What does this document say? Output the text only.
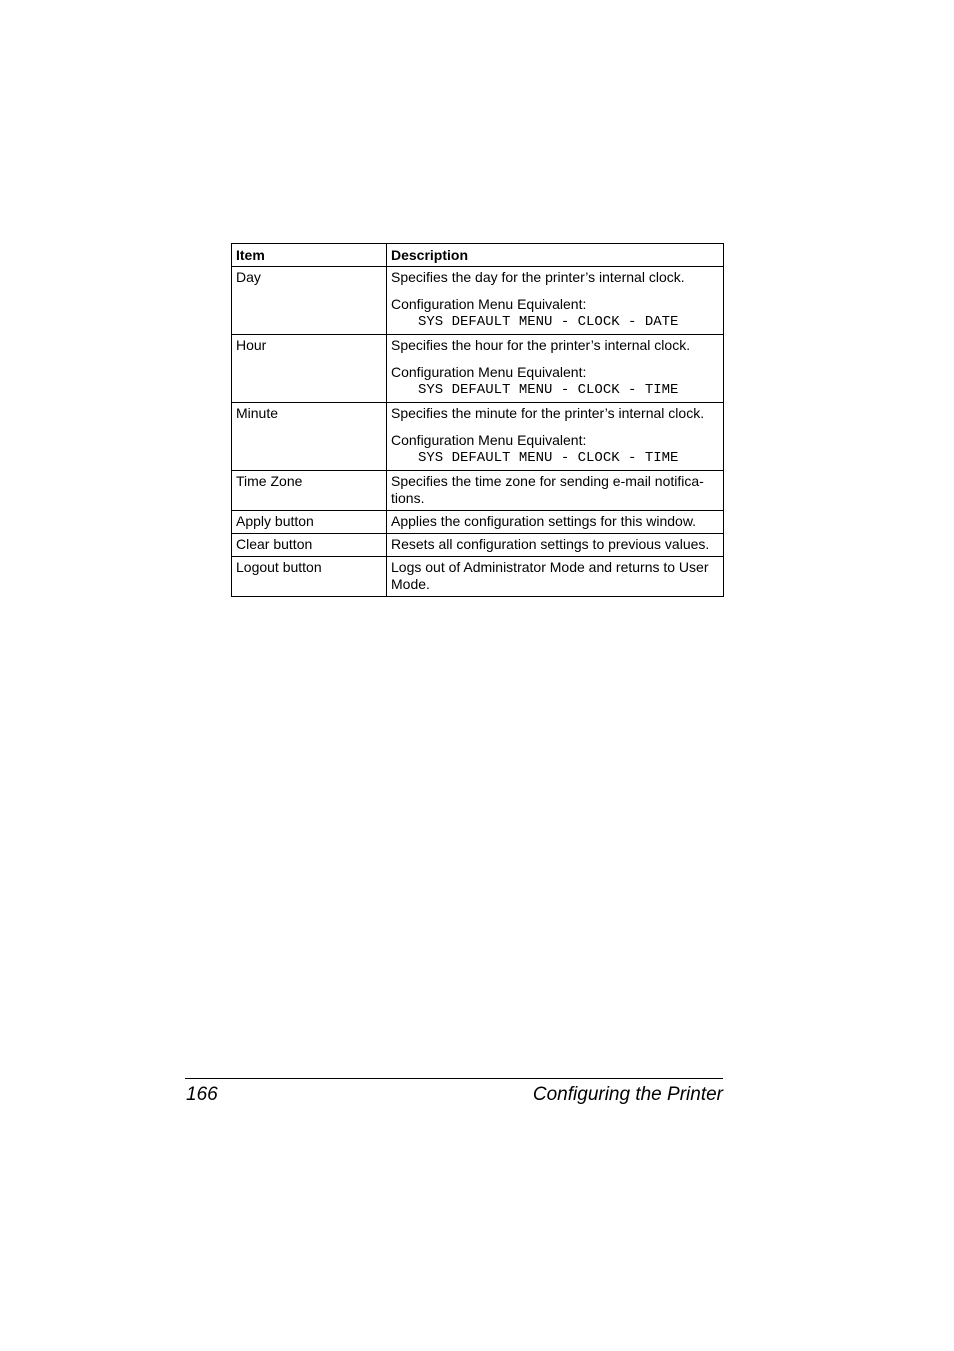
Item	Description
Day	Specifies the day for the printer’s internal clock.
Configuration Menu Equivalent:
SYS DEFAULT MENU - CLOCK - DATE

Hour	Specifies the hour for the printer’s internal clock.
Configuration Menu Equivalent:
SYS DEFAULT MENU - CLOCK - TIME

Minute	Specifies the minute for the printer’s internal clock.
Configuration Menu Equivalent:
SYS DEFAULT MENU - CLOCK - TIME

Time Zone	Specifies the time zone for sending e-mail notifica-tions.
Apply button	Applies the configuration settings for this window.
Clear button	Resets all configuration settings to previous values.
Logout button	Logs out of Administrator Mode and returns to User Mode.
166	Configuring the Printer
